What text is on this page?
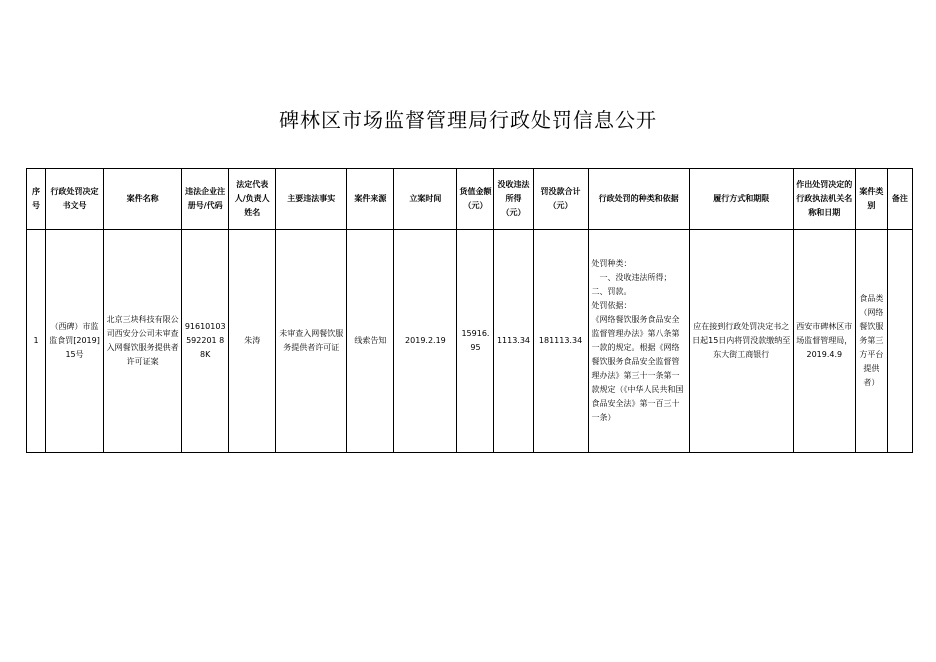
碑林区市场监督管理局行政处罚信息公开
序号	行政处罚决定书文号	案件名称	违法企业注册号/代码	法定代表人/负责人姓名	主要违法事实	案件来源	立案时间	货值金额（元）	没收违法所得（元）	罚没款合计（元）	行政处罚的种类和依据	履行方式和期限	作出处罚决定的行政执法机关名称和日期	案件类别	备注
1	（西碑）市监监食罚[2019]15号	北京三块科技有限公司西安分公司未审查入网餐饮服务提供者许可证案	91610103592201 88K	朱涛	未审查入网餐饮服务提供者许可证	线索告知	2019.2.19	15916.95	1113.34	181113.34	处罚种类：
一、没收违法所得；
二、罚款。
处罚依据：
《网络餐饮服务食品安全监督管理办法》第八条第一款的规定。根据《网络餐饮服务食品安全监督管理办法》第三十一条第一款规定（《中华人民共和国食品安全法》第一百三十一条）	应在接到行政处罚决定书之日起15日内将罚没款缴纳至东大街工商银行	西安市碑林区市场监督管理局，2019.4.9	食品类（网络餐饮服务第三方平台提供者）	
